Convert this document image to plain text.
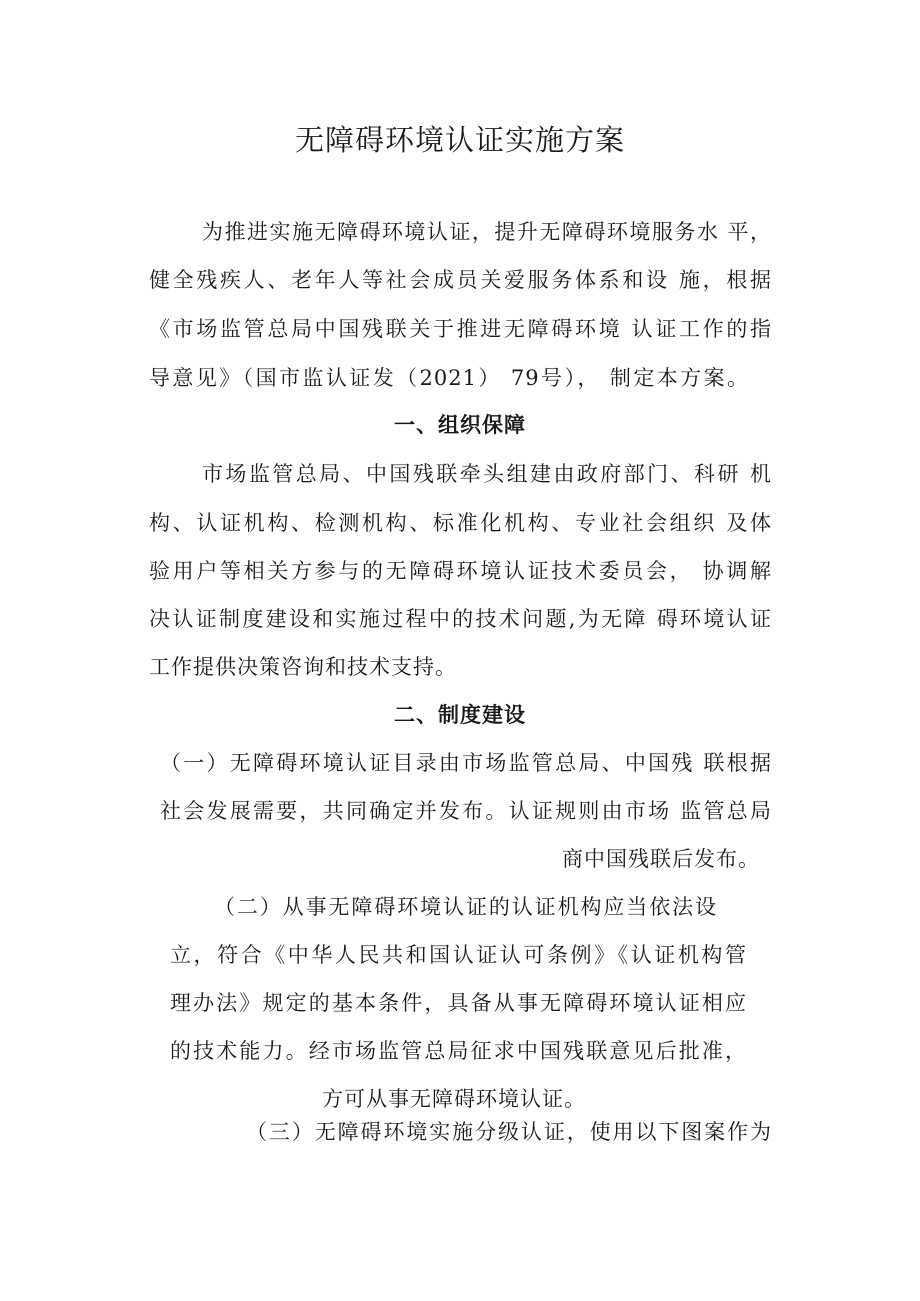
无障碍环境认证实施方案
为推进实施无障碍环境认证，提升无障碍环境服务水 平，
健全残疾人、老年人等社会成员关爱服务体系和设 施，根据
《市场监管总局中国残联关于推进无障碍环境 认证工作的指
导意见》（国市监认证发（2021） 79号）， 制定本方案。
一、组织保障
市场监管总局、中国残联牵头组建由政府部门、科研 机
构、认证机构、检测机构、标准化机构、专业社会组织 及体
验用户等相关方参与的无障碍环境认证技术委员会， 协调解
决认证制度建设和实施过程中的技术问题,为无障 碍环境认证
工作提供决策咨询和技术支持。
二、制度建设
（一）无障碍环境认证目录由市场监管总局、中国残 联根据
社会发展需要，共同确定并发布。认证规则由市场 监管总局
商中国残联后发布。
（二）从事无障碍环境认证的认证机构应当依法设
立，符合《中华人民共和国认证认可条例》《认证机构管
理办法》规定的基本条件，具备从事无障碍环境认证相应
的技术能力。经市场监管总局征求中国残联意见后批准，
方可从事无障碍环境认证。
（三）无障碍环境实施分级认证，使用以下图案作为
